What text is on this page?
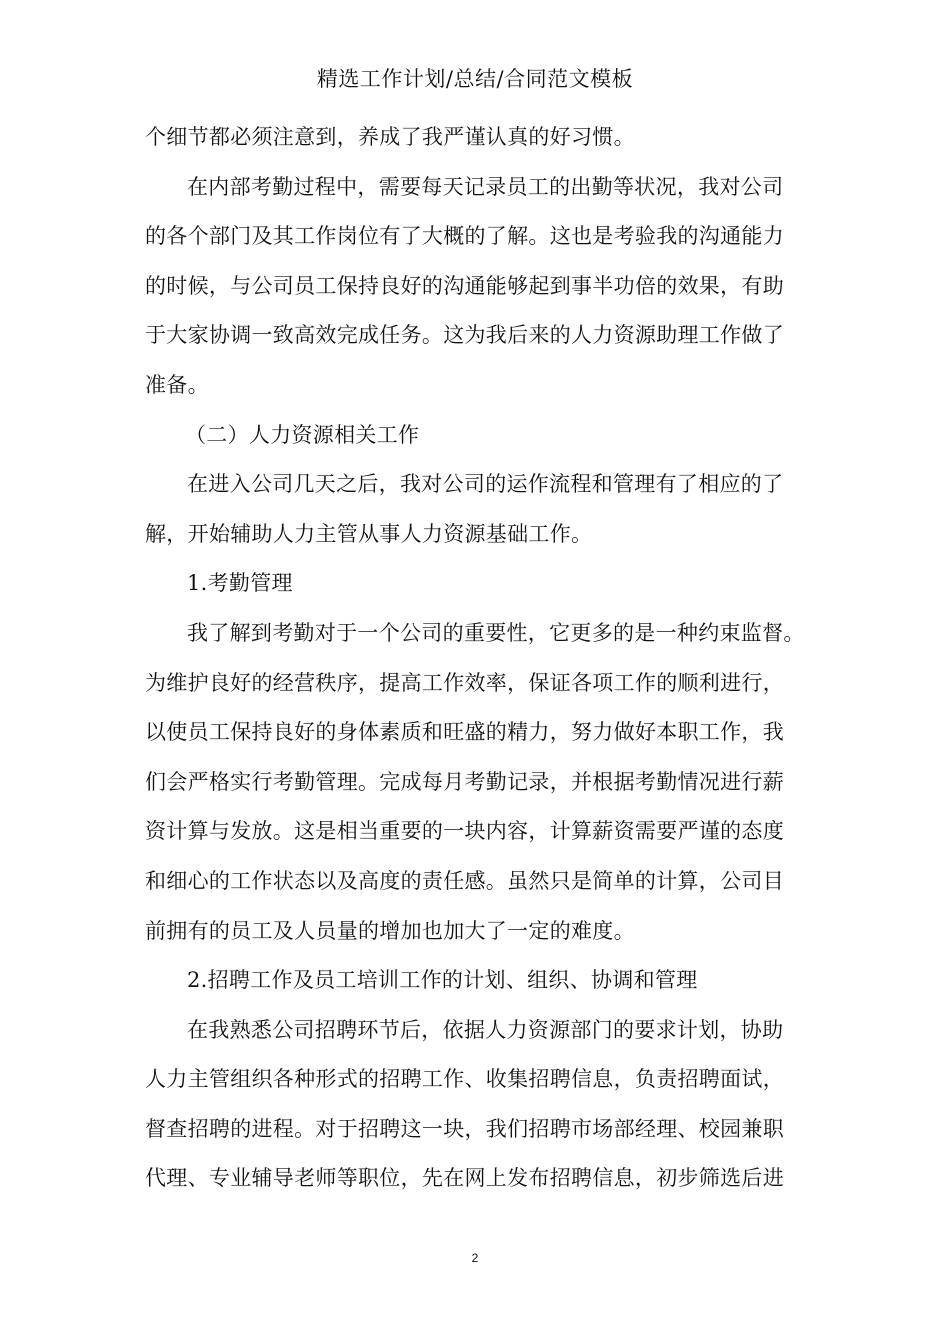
精选工作计划/总结/合同范文模板
个细节都必须注意到，养成了我严谨认真的好习惯。
在内部考勤过程中，需要每天记录员工的出勤等状况，我对公司
的各个部门及其工作岗位有了大概的了解。这也是考验我的沟通能力
的时候，与公司员工保持良好的沟通能够起到事半功倍的效果，有助
于大家协调一致高效完成任务。这为我后来的人力资源助理工作做了
准备。
（二）人力资源相关工作
在进入公司几天之后，我对公司的运作流程和管理有了相应的了
解，开始辅助人力主管从事人力资源基础工作。
1.考勤管理
我了解到考勤对于一个公司的重要性，它更多的是一种约束监督。
为维护良好的经营秩序，提高工作效率，保证各项工作的顺利进行，
以使员工保持良好的身体素质和旺盛的精力，努力做好本职工作，我
们会严格实行考勤管理。完成每月考勤记录，并根据考勤情况进行薪
资计算与发放。这是相当重要的一块内容，计算薪资需要严谨的态度
和细心的工作状态以及高度的责任感。虽然只是简单的计算，公司目
前拥有的员工及人员量的增加也加大了一定的难度。
2.招聘工作及员工培训工作的计划、组织、协调和管理
在我熟悉公司招聘环节后，依据人力资源部门的要求计划，协助
人力主管组织各种形式的招聘工作、收集招聘信息，负责招聘面试，
督查招聘的进程。对于招聘这一块，我们招聘市场部经理、校园兼职
代理、专业辅导老师等职位，先在网上发布招聘信息，初步筛选后进
2
